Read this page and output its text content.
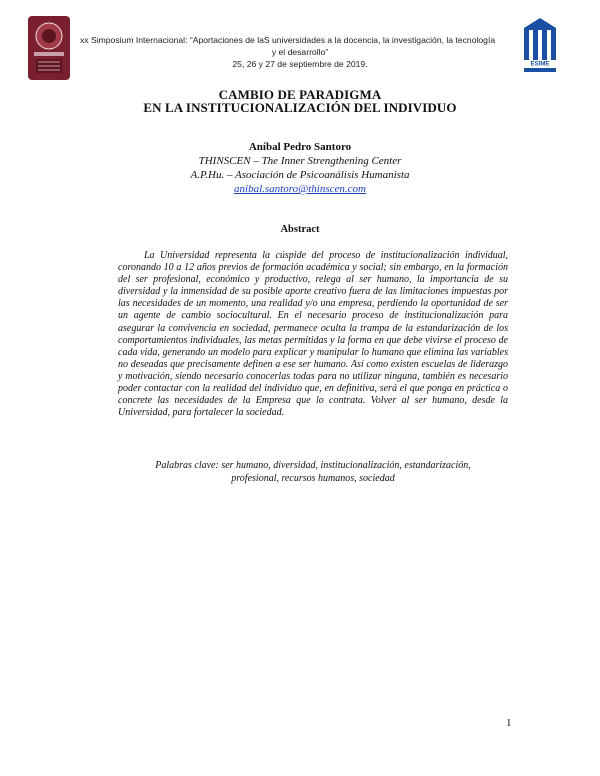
ESIME
xx Simposium Internacional: “Aportaciones de laS universidades a la docencia, la investigación, la tecnología
y el desarrollo”
25, 26 y 27 de septiembre de 2019.
CAMBIO DE PARADIGMA
EN LA INSTITUCIONALIZACIÓN DEL INDIVIDUO
Aníbal Pedro Santoro
THINSCEN – The Inner Strengthening Center
A.P.Hu. – Asociación de Psicoanálisis Humanista
anibal.santoro@thinscen.com
Abstract
La Universidad representa la cúspide del proceso de institucionalización individual, coronando 10 a 12 años previos de formación académica y social; sin embargo, en la formación del ser profesional, económico y productivo, relega al ser humano, la importancia de su diversidad y la inmensidad de su posible aporte creativo fuera de las limitaciones impuestas por las necesidades de un momento, una realidad y/o una empresa, perdiendo la oportunidad de ser un agente de cambio sociocultural. En el necesario proceso de institucionalización para asegurar la convivencia en sociedad, permanece oculta la trampa de la estandarización de los comportamientos individuales, las metas permitidas y la forma en que debe vivirse el proceso de cada vida, generando un modelo para explicar y manipular lo humano que elimina las variables no deseadas que precisamente definen a ese ser humano. Así como existen escuelas de liderazgo y motivación, siendo necesario conocerlas todas para no utilizar ninguna, también es necesario poder contactar con la realidad del individuo que, en definitiva, será el que ponga en práctica o concrete las necesidades de la Empresa que lo contrata. Volver al ser humano, desde la Universidad, para fortalecer la sociedad.
Palabras clave: ser humano, diversidad, institucionalización, estandarización,
profesional, recursos humanos, sociedad
1
